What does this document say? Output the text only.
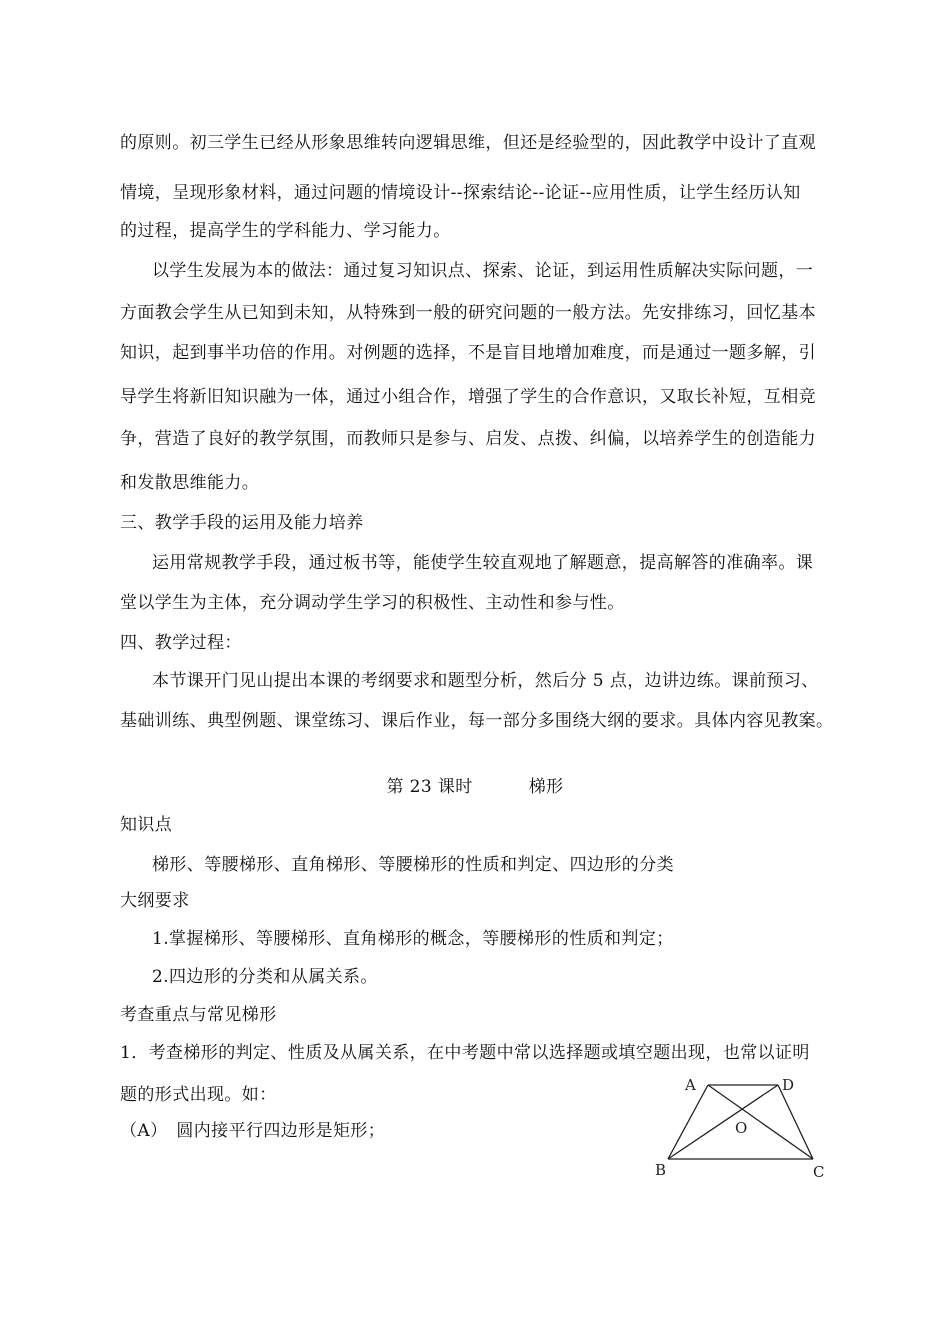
的原则。初三学生已经从形象思维转向逻辑思维，但还是经验型的，因此教学中设计了直观
情境，呈现形象材料，通过问题的情境设计--探索结论--论证--应用性质，让学生经历认知
的过程，提高学生的学科能力、学习能力。
以学生发展为本的做法：通过复习知识点、探索、论证，到运用性质解决实际问题，一
方面教会学生从已知到未知，从特殊到一般的研究问题的一般方法。先安排练习，回忆基本
知识，起到事半功倍的作用。对例题的选择，不是盲目地增加难度，而是通过一题多解，引
导学生将新旧知识融为一体，通过小组合作，增强了学生的合作意识，又取长补短，互相竞
争，营造了良好的教学氛围，而教师只是参与、启发、点拨、纠偏，以培养学生的创造能力
和发散思维能力。
三、教学手段的运用及能力培养
运用常规教学手段，通过板书等，能使学生较直观地了解题意，提高解答的准确率。课
堂以学生为主体，充分调动学生学习的积极性、主动性和参与性。
四、教学过程：
本节课开门见山提出本课的考纲要求和题型分析，然后分 5 点，边讲边练。课前预习、
基础训练、典型例题、课堂练习、课后作业，每一部分多围绕大纲的要求。具体内容见教案。
第 23 课时	梯形
知识点
梯形、等腰梯形、直角梯形、等腰梯形的性质和判定、四边形的分类
大纲要求
1.掌握梯形、等腰梯形、直角梯形的概念，等腰梯形的性质和判定；
2.四边形的分类和从属关系。
考查重点与常见梯形
1．考查梯形的判定、性质及从属关系，在中考题中常以选择题或填空题出现，也常以证明
题的形式出现。如：
（A）　圆内接平行四边形是矩形；
A	D
O
B	C
